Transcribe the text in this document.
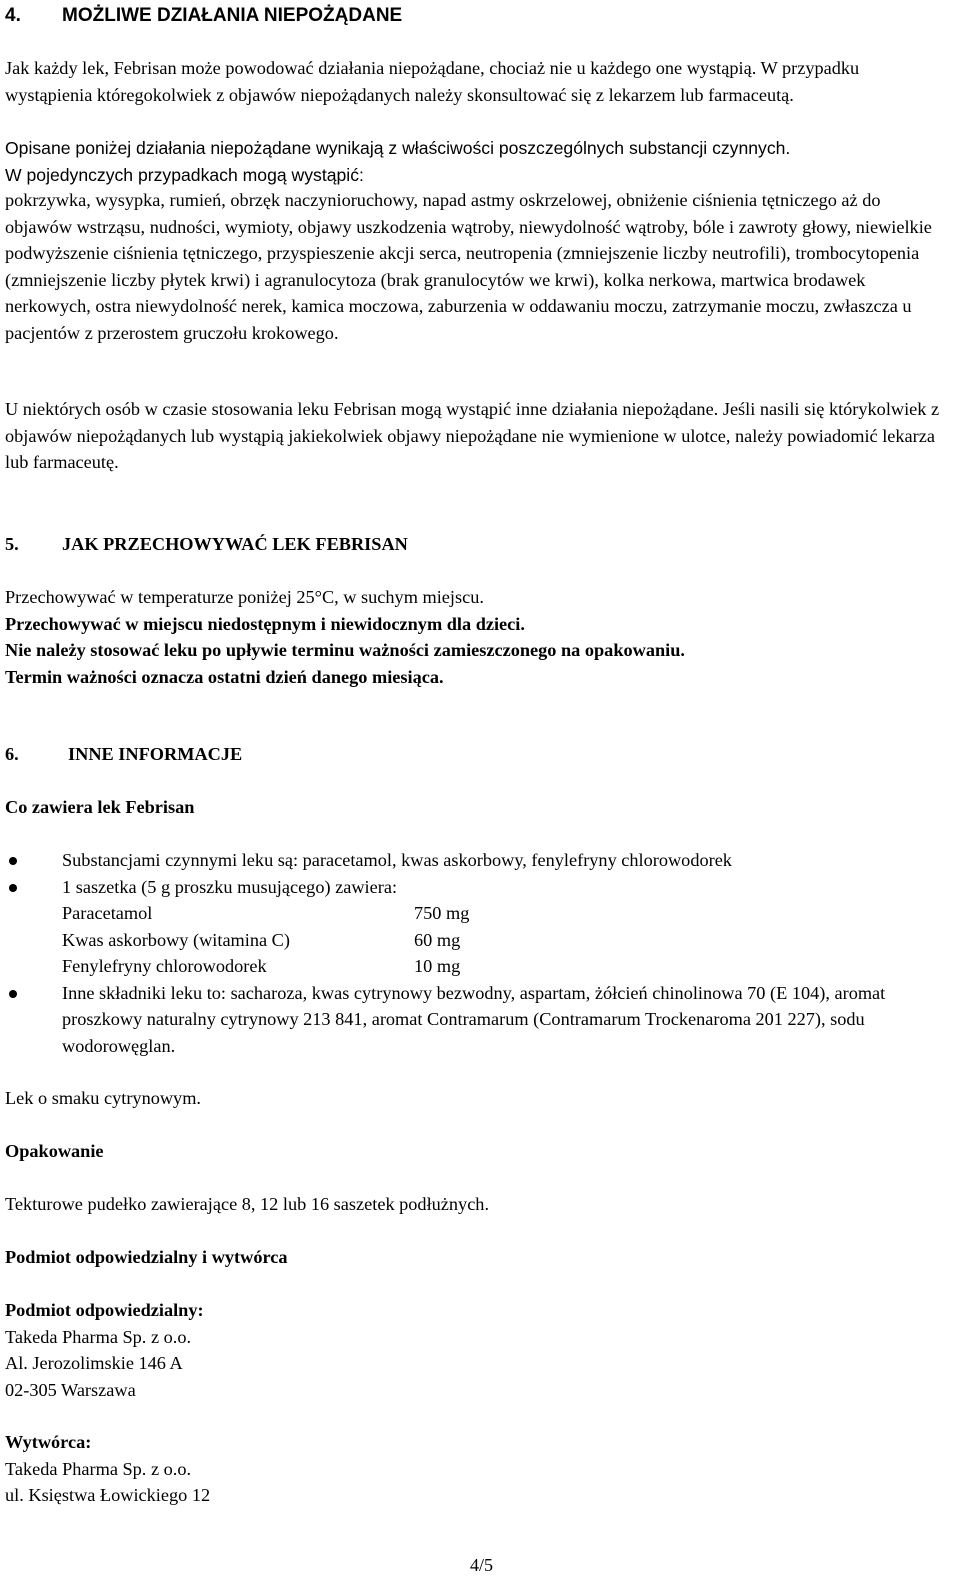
4. MOŻLIWE DZIAŁANIA NIEPOŻĄDANE

Jak każdy lek, Febrisan może powodować działania niepożądane, chociaż nie u każdego one wystąpią. W przypadku wystąpienia któregokolwiek z objawów niepożądanych należy skonsultować się z lekarzem lub farmaceutą.

Opisane poniżej działania niepożądane wynikają z właściwości poszczególnych substancji czynnych.
W pojedynczych przypadkach mogą wystąpić:

pokrzywka, wysypka, rumień, obrzęk naczynioruchowy, napad astmy oskrzelowej, obniżenie ciśnienia tętniczego aż do objawów wstrząsu, nudności, wymioty, objawy uszkodzenia wątroby, niewydolność wątroby, bóle i zawroty głowy, niewielkie podwyższenie ciśnienia tętniczego, przyspieszenie akcji serca, neutropenia (zmniejszenie liczby neutrofili), trombocytopenia (zmniejszenie liczby płytek krwi) i agranulocytoza (brak granulocytów we krwi), kolka nerkowa, martwica brodawek nerkowych, ostra niewydolność nerek, kamica moczowa, zaburzenia w oddawaniu moczu, zatrzymanie moczu, zwłaszcza u pacjentów z przerostem gruczołu krokowego.

U niektórych osób w czasie stosowania leku Febrisan mogą wystąpić inne działania niepożądane. Jeśli nasili się którykolwiek z objawów niepożądanych lub wystąpią jakiekolwiek objawy niepożądane nie wymienione w ulotce, należy powiadomić lekarza lub farmaceutę.

5. JAK PRZECHOWYWAĆ LEK FEBRISAN
Przechowywać w temperaturze poniżej 25°C, w suchym miejscu.
Przechowywać w miejscu niedostępnym i niewidocznym dla dzieci.
Nie należy stosować leku po upływie terminu ważności zamieszczonego na opakowaniu.
Termin ważności oznacza ostatni dzień danego miesiąca.
6.	INNE INFORMACJE
Co zawiera lek Febrisan
Substancjami czynnymi leku są: paracetamol, kwas askorbowy, fenylefryny chlorowodorek
1 saszetka (5 g proszku musującego) zawiera:
Paracetamol	750 mg
Kwas askorbowy (witamina C)	60 mg
Fenylefryny chlorowodorek	10 mg
Inne składniki leku to: sacharoza, kwas cytrynowy bezwodny, aspartam, żółcień chinolinowa 70 (E 104), aromat proszkowy naturalny cytrynowy 213 841, aromat Contramarum (Contramarum Trockenaroma 201 227), sodu wodorowęglan.
Lek o smaku cytrynowym.
Opakowanie
Tekturowe pudełko zawierające 8, 12 lub 16 saszetek podłużnych.
Podmiot odpowiedzialny i wytwórca
Podmiot odpowiedzialny:
Takeda Pharma Sp. z o.o.
Al. Jerozolimskie 146 A
02-305 Warszawa
Wytwórca:
Takeda Pharma Sp. z o.o.
ul. Księstwa Łowickiego 12
4/5
